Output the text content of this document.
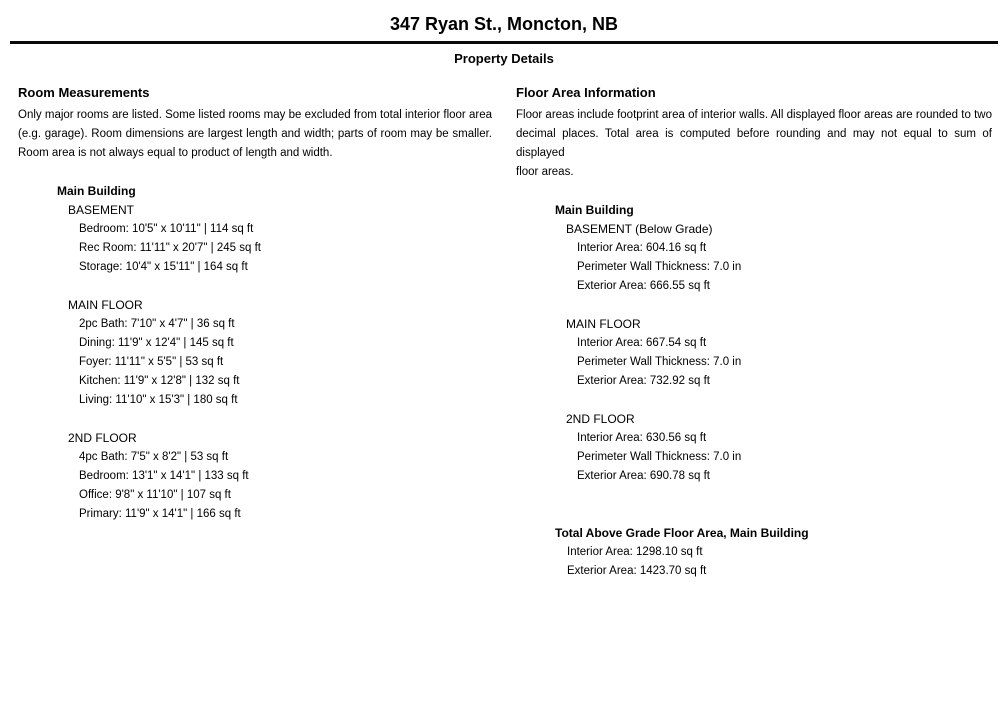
347 Ryan St., Moncton, NB
Property Details
Room Measurements
Only major rooms are listed. Some listed rooms may be excluded from total interior floor area
(e.g. garage). Room dimensions are largest length and width; parts of room may be smaller.
Room area is not always equal to product of length and width.
Main Building
BASEMENT
Bedroom: 10'5" x 10'11" | 114 sq ft
Rec Room: 11'11" x 20'7" | 245 sq ft
Storage: 10'4" x 15'11" | 164 sq ft
MAIN FLOOR
2pc Bath: 7'10" x 4'7" | 36 sq ft
Dining: 11'9" x 12'4" | 145 sq ft
Foyer: 11'11" x 5'5" | 53 sq ft
Kitchen: 11'9" x 12'8" | 132 sq ft
Living: 11'10" x 15'3" | 180 sq ft
2ND FLOOR
4pc Bath: 7'5" x 8'2" | 53 sq ft
Bedroom: 13'1" x 14'1" | 133 sq ft
Office: 9'8" x 11'10" | 107 sq ft
Primary: 11'9" x 14'1" | 166 sq ft
Floor Area Information
Floor areas include footprint area of interior walls. All displayed floor areas are rounded to two
decimal places. Total area is computed before rounding and may not equal to sum of displayed
floor areas.
Main Building
BASEMENT (Below Grade)
Interior Area: 604.16 sq ft
Perimeter Wall Thickness: 7.0 in
Exterior Area: 666.55 sq ft
MAIN FLOOR
Interior Area: 667.54 sq ft
Perimeter Wall Thickness: 7.0 in
Exterior Area: 732.92 sq ft
2ND FLOOR
Interior Area: 630.56 sq ft
Perimeter Wall Thickness: 7.0 in
Exterior Area: 690.78 sq ft
Total Above Grade Floor Area, Main Building
Interior Area: 1298.10 sq ft
Exterior Area: 1423.70 sq ft
